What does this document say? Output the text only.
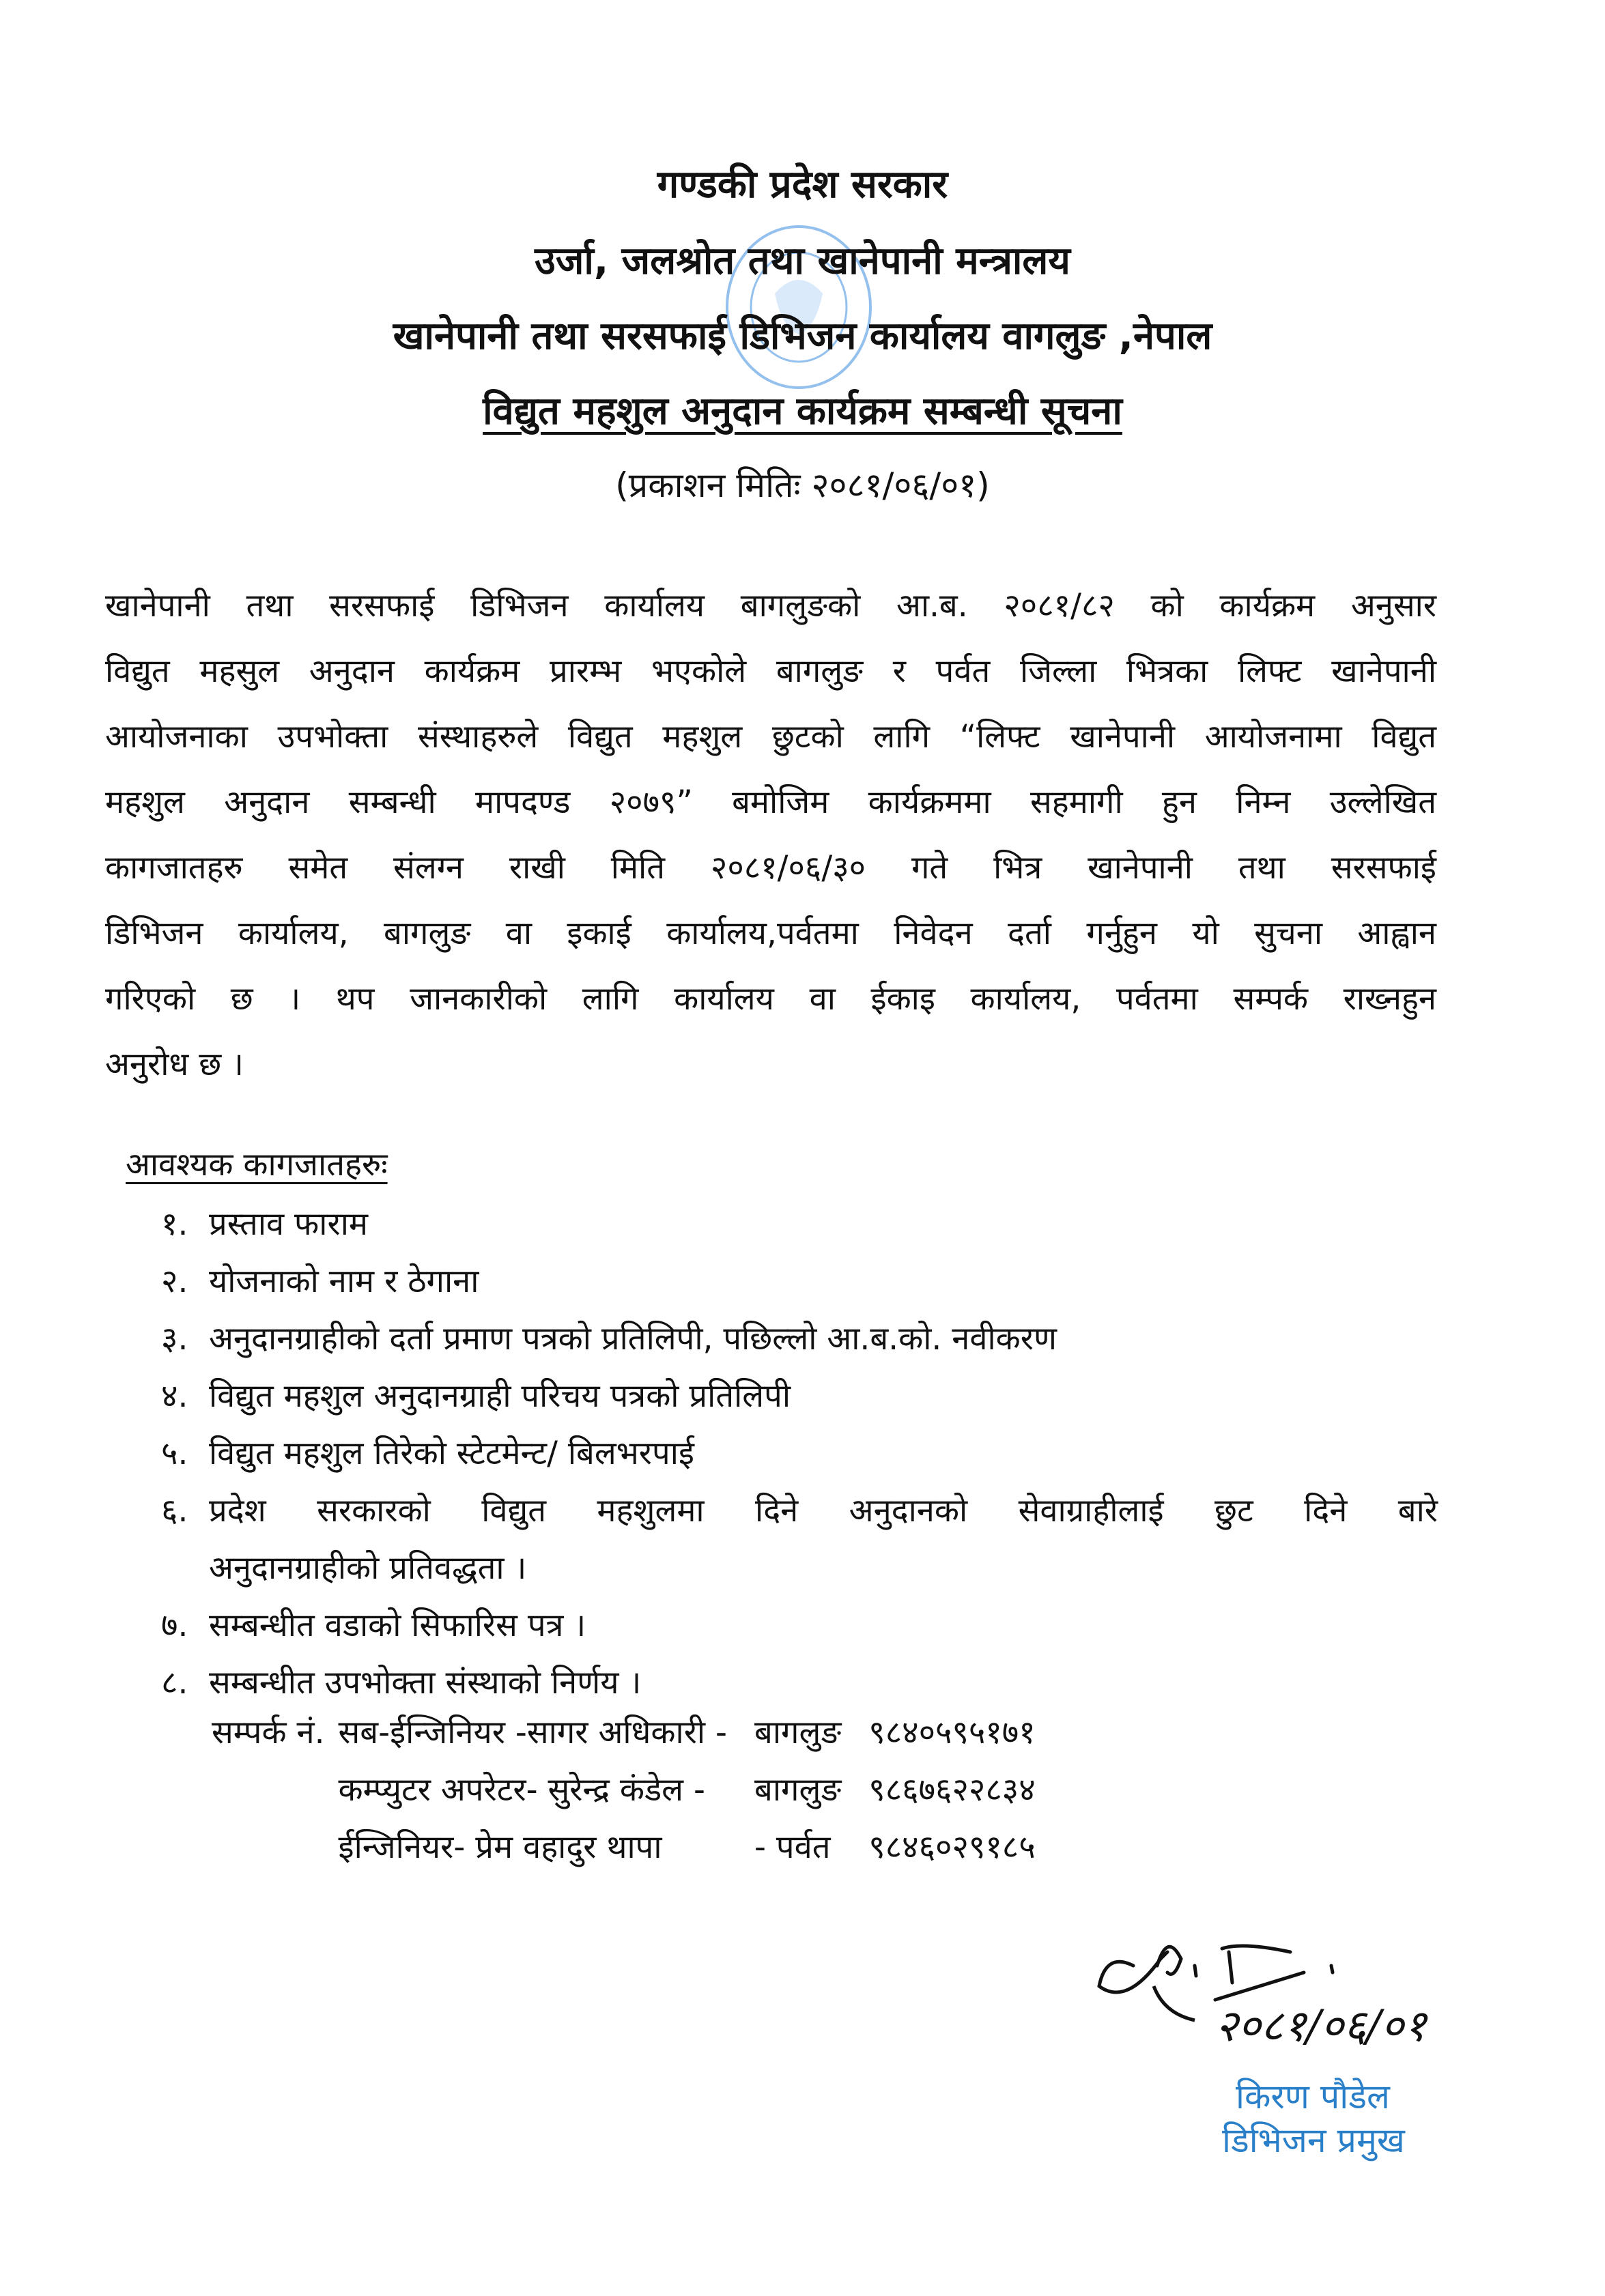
गण्डकी प्रदेश सरकार
उर्जा, जलश्रोत तथा खानेपानी मन्त्रालय
खानेपानी तथा सरसफाई डिभिजन कार्यालय वागलुङ ,नेपाल
विद्युत महशुल अनुदान कार्यक्रम सम्बन्धी सूचना
(प्रकाशन मितिः २०८१/०६/०१)
खानेपानी तथा सरसफाई डिभिजन कार्यालय बागलुङको आ.ब. २०८१/८२ को कार्यक्रम अनुसार
विद्युत महसुल अनुदान कार्यक्रम प्रारम्भ भएकोले बागलुङ र पर्वत जिल्ला भित्रका लिफ्ट खानेपानी
आयोजनाका उपभोक्ता संस्थाहरुले विद्युत महशुल छुटको लागि “लिफ्ट खानेपानी आयोजनामा विद्युत
महशुल अनुदान सम्बन्धी मापदण्ड २०७९” बमोजिम कार्यक्रममा सहमागी हुन निम्न उल्लेखित
कागजातहरु समेत संलग्न राखी मिति २०८१/०६/३० गते भित्र खानेपानी तथा सरसफाई
डिभिजन कार्यालय, बागलुङ वा इकाई कार्यालय,पर्वतमा निवेदन दर्ता गर्नुहुन यो सुचना आह्वान
गरिएको छ । थप जानकारीको लागि कार्यालय वा ईकाइ कार्यालय, पर्वतमा सम्पर्क राख्नहुन
अनुरोध छ ।
आवश्यक कागजातहरुः
१. प्रस्ताव फाराम
२. योजनाको नाम र ठेगाना
३. अनुदानग्राहीको दर्ता प्रमाण पत्रको प्रतिलिपी, पछिल्लो आ.ब.को. नवीकरण
४. विद्युत महशुल अनुदानग्राही परिचय पत्रको प्रतिलिपी
५. विद्युत महशुल तिरेको स्टेटमेन्ट/ बिलभरपाई
६. प्रदेश सरकारको विद्युत महशुलमा दिने अनुदानको सेवाग्राहीलाई छुट दिने बारे
अनुदानग्राहीको प्रतिवद्धता ।
७. सम्बन्धीत वडाको सिफारिस पत्र ।
८. सम्बन्धीत उपभोक्ता संस्थाको निर्णय ।
सम्पर्क नं.	सब-ईन्जिनियर -सागर अधिकारी -	बागलुङ	९८४०५९५१७१
	कम्प्युटर अपरेटर- सुरेन्द्र कंडेल -	बागलुङ	९८६७६२२८३४
	ईन्जिनियर- प्रेम वहादुर थापा	- पर्वत	९८४६०२९१८५
२०८१/०६/०१
किरण पौडेल
डिभिजन प्रमुख
